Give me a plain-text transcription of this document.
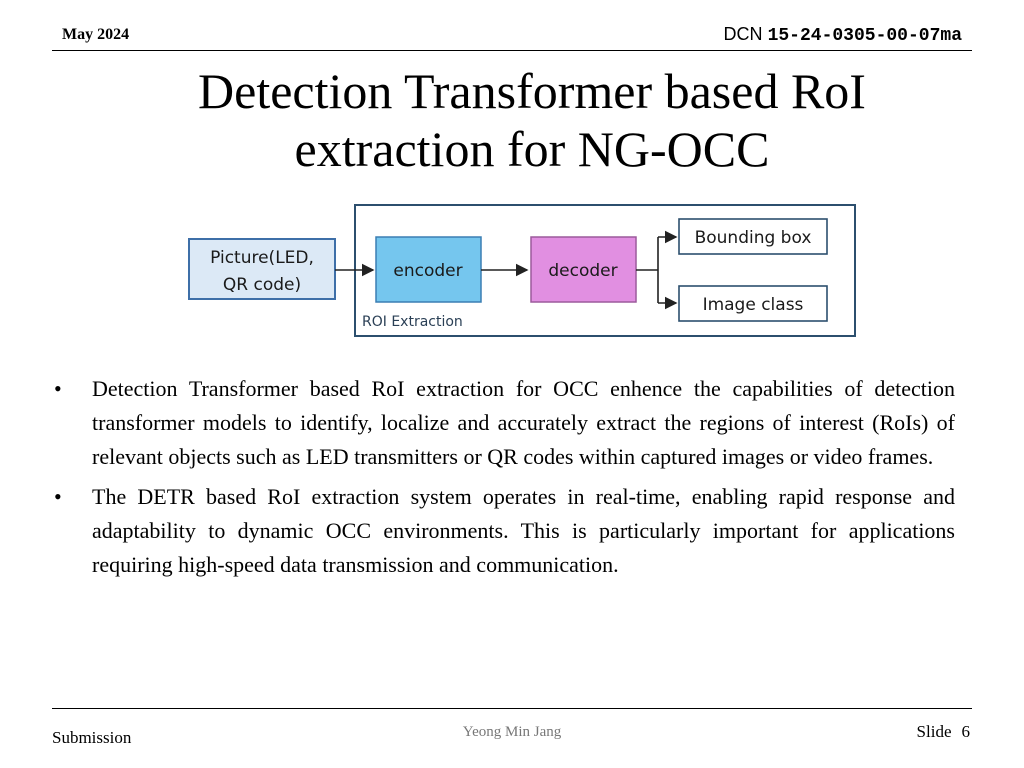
May 2024	DCN 15-24-0305-00-07ma
Detection Transformer based RoI
extraction for NG-OCC
ROI Extraction
Picture(LED,
QR code)
encoder	decoder
Bounding box
Image class
• Detection Transformer based RoI extraction for OCC enhence the capabilities of detection transformer models to identify, localize and accurately extract the regions of interest (RoIs) of relevant objects such as LED transmitters or QR codes within captured images or video frames.
• The DETR based RoI extraction system operates in real-time, enabling rapid response and adaptability to dynamic OCC environments. This is particularly important for applications requiring high-speed data transmission and communication.
Submission	Yeong Min Jang	Slide 6
